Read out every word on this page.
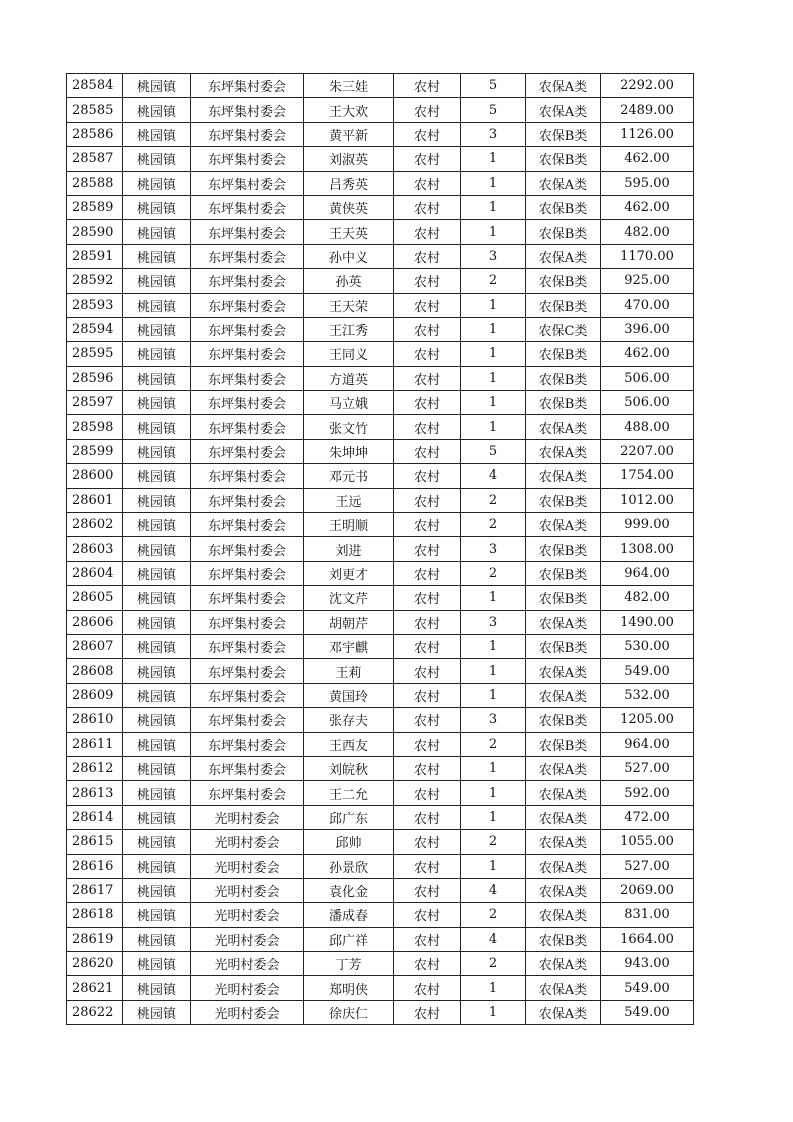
28584	桃园镇	东坪集村委会	朱三娃	农村	5	农保A类	2292.00
28585	桃园镇	东坪集村委会	王大欢	农村	5	农保A类	2489.00
28586	桃园镇	东坪集村委会	黄平新	农村	3	农保B类	1126.00
28587	桃园镇	东坪集村委会	刘淑英	农村	1	农保B类	462.00
28588	桃园镇	东坪集村委会	吕秀英	农村	1	农保A类	595.00
28589	桃园镇	东坪集村委会	黄侠英	农村	1	农保B类	462.00
28590	桃园镇	东坪集村委会	王天英	农村	1	农保B类	482.00
28591	桃园镇	东坪集村委会	孙中义	农村	3	农保A类	1170.00
28592	桃园镇	东坪集村委会	孙英	农村	2	农保B类	925.00
28593	桃园镇	东坪集村委会	王天荣	农村	1	农保B类	470.00
28594	桃园镇	东坪集村委会	王江秀	农村	1	农保C类	396.00
28595	桃园镇	东坪集村委会	王同义	农村	1	农保B类	462.00
28596	桃园镇	东坪集村委会	方道英	农村	1	农保B类	506.00
28597	桃园镇	东坪集村委会	马立娥	农村	1	农保B类	506.00
28598	桃园镇	东坪集村委会	张文竹	农村	1	农保A类	488.00
28599	桃园镇	东坪集村委会	朱坤坤	农村	5	农保A类	2207.00
28600	桃园镇	东坪集村委会	邓元书	农村	4	农保A类	1754.00
28601	桃园镇	东坪集村委会	王远	农村	2	农保B类	1012.00
28602	桃园镇	东坪集村委会	王明顺	农村	2	农保A类	999.00
28603	桃园镇	东坪集村委会	刘进	农村	3	农保B类	1308.00
28604	桃园镇	东坪集村委会	刘更才	农村	2	农保B类	964.00
28605	桃园镇	东坪集村委会	沈文芹	农村	1	农保B类	482.00
28606	桃园镇	东坪集村委会	胡朝芹	农村	3	农保A类	1490.00
28607	桃园镇	东坪集村委会	邓宇麒	农村	1	农保B类	530.00
28608	桃园镇	东坪集村委会	王莉	农村	1	农保A类	549.00
28609	桃园镇	东坪集村委会	黄国玲	农村	1	农保A类	532.00
28610	桃园镇	东坪集村委会	张存夫	农村	3	农保B类	1205.00
28611	桃园镇	东坪集村委会	王西友	农村	2	农保B类	964.00
28612	桃园镇	东坪集村委会	刘皖秋	农村	1	农保A类	527.00
28613	桃园镇	东坪集村委会	王二允	农村	1	农保A类	592.00
28614	桃园镇	光明村委会	邱广东	农村	1	农保A类	472.00
28615	桃园镇	光明村委会	邱帅	农村	2	农保A类	1055.00
28616	桃园镇	光明村委会	孙景欣	农村	1	农保A类	527.00
28617	桃园镇	光明村委会	袁化金	农村	4	农保A类	2069.00
28618	桃园镇	光明村委会	潘成春	农村	2	农保A类	831.00
28619	桃园镇	光明村委会	邱广祥	农村	4	农保B类	1664.00
28620	桃园镇	光明村委会	丁芳	农村	2	农保A类	943.00
28621	桃园镇	光明村委会	郑明侠	农村	1	农保A类	549.00
28622	桃园镇	光明村委会	徐庆仁	农村	1	农保A类	549.00
